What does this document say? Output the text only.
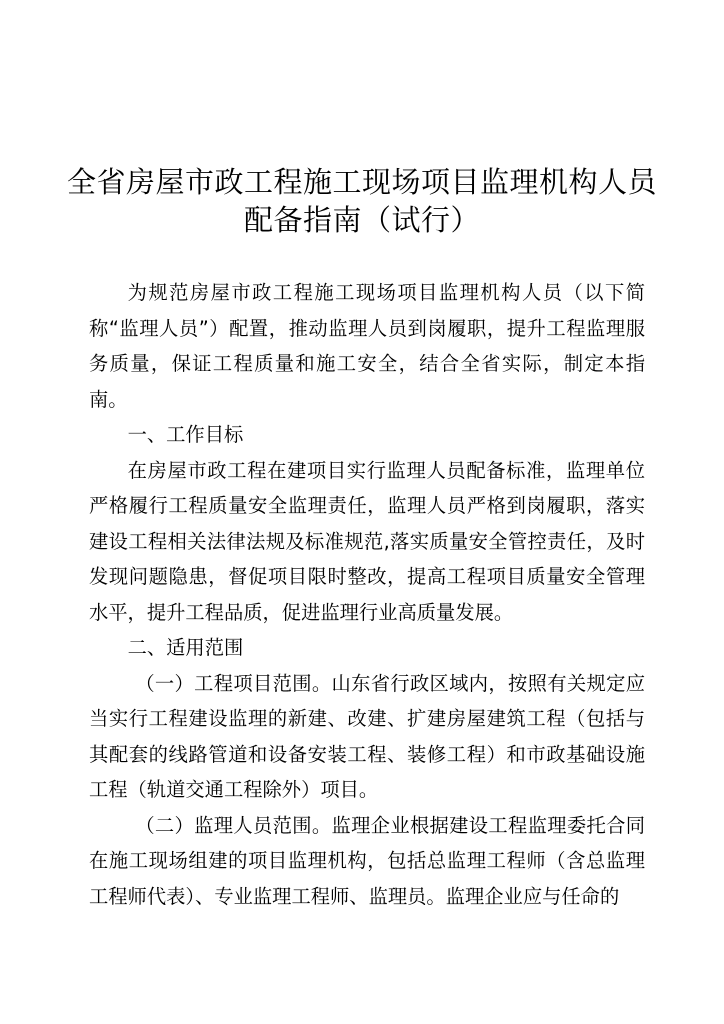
全省房屋市政工程施工现场项目监理机构人员
配备指南（试行）

为规范房屋市政工程施工现场项目监理机构人员（以下简称“监理人员”）配置，推动监理人员到岗履职，提升工程监理服务质量，保证工程质量和施工安全，结合全省实际，制定本指南。

一、工作目标

在房屋市政工程在建项目实行监理人员配备标准，监理单位严格履行工程质量安全监理责任，监理人员严格到岗履职，落实建设工程相关法律法规及标准规范,落实质量安全管控责任，及时发现问题隐患，督促项目限时整改，提高工程项目质量安全管理水平，提升工程品质，促进监理行业高质量发展。

二、适用范围

（一）工程项目范围。山东省行政区域内，按照有关规定应当实行工程建设监理的新建、改建、扩建房屋建筑工程（包括与其配套的线路管道和设备安装工程、装修工程）和市政基础设施工程（轨道交通工程除外）项目。

（二）监理人员范围。监理企业根据建设工程监理委托合同在施工现场组建的项目监理机构，包括总监理工程师（含总监理工程师代表）、专业监理工程师、监理员。监理企业应与任命的
